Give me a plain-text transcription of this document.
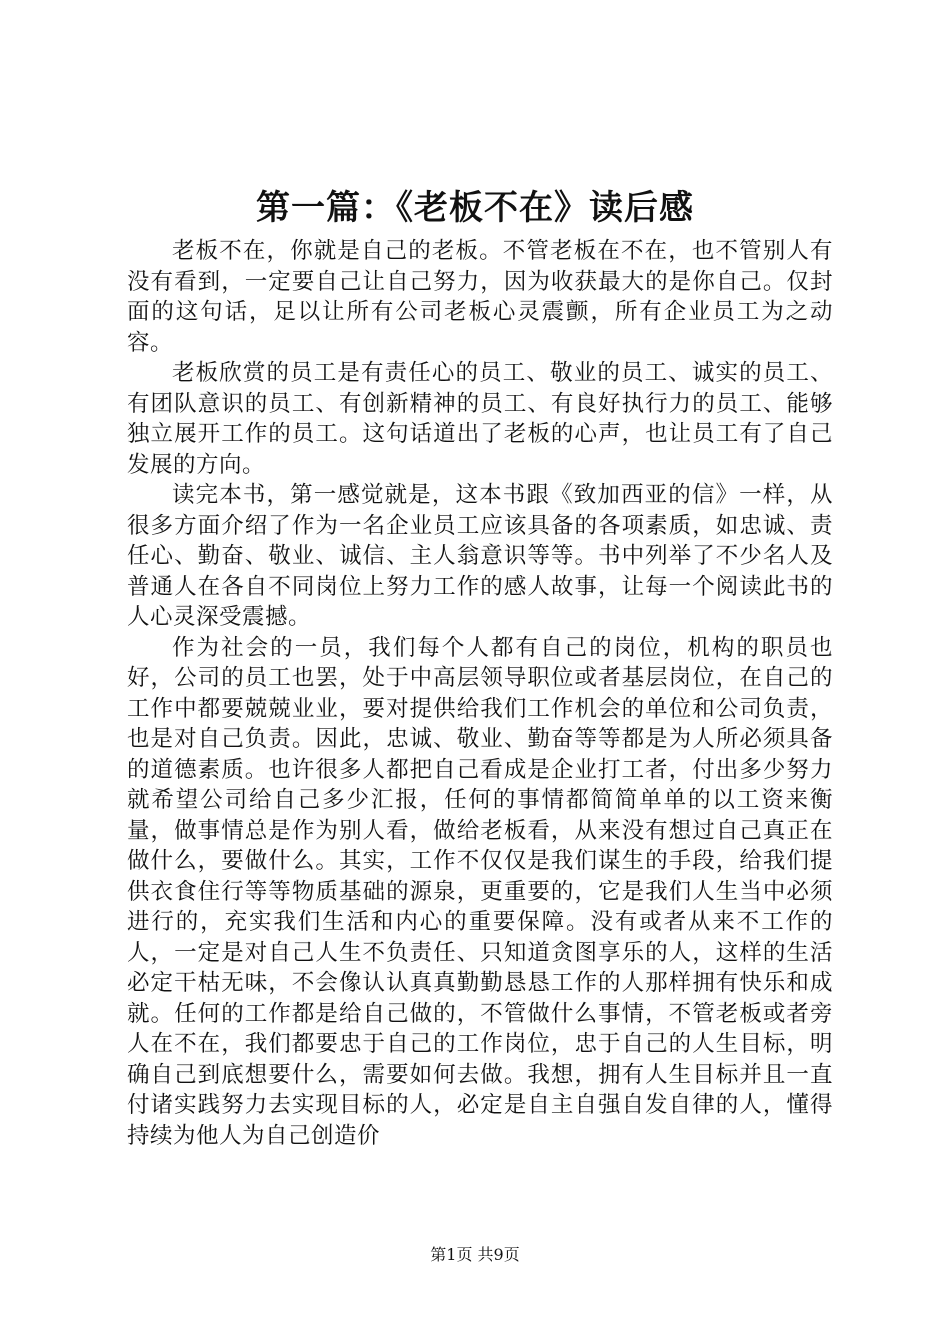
第一篇：《老板不在》读后感

老板不在，你就是自己的老板。不管老板在不在，也不管别人有没有看到，一定要自己让自己努力，因为收获最大的是你自己。仅封面的这句话，足以让所有公司老板心灵震颤，所有企业员工为之动容。

老板欣赏的员工是有责任心的员工、敬业的员工、诚实的员工、有团队意识的员工、有创新精神的员工、有良好执行力的员工、能够独立展开工作的员工。这句话道出了老板的心声，也让员工有了自己发展的方向。

读完本书，第一感觉就是，这本书跟《致加西亚的信》一样，从很多方面介绍了作为一名企业员工应该具备的各项素质，如忠诚、责任心、勤奋、敬业、诚信、主人翁意识等等。书中列举了不少名人及普通人在各自不同岗位上努力工作的感人故事，让每一个阅读此书的人心灵深受震撼。

作为社会的一员，我们每个人都有自己的岗位，机构的职员也好，公司的员工也罢，处于中高层领导职位或者基层岗位，在自己的工作中都要兢兢业业，要对提供给我们工作机会的单位和公司负责，也是对自己负责。因此，忠诚、敬业、勤奋等等都是为人所必须具备的道德素质。也许很多人都把自己看成是企业打工者，付出多少努力就希望公司给自己多少汇报，任何的事情都简简单单的以工资来衡量，做事情总是作为别人看，做给老板看，从来没有想过自己真正在做什么，要做什么。其实，工作不仅仅是我们谋生的手段，给我们提供衣食住行等等物质基础的源泉，更重要的，它是我们人生当中必须进行的，充实我们生活和内心的重要保障。没有或者从来不工作的人，一定是对自己人生不负责任、只知道贪图享乐的人，这样的生活必定干枯无味，不会像认认真真勤勤恳恳工作的人那样拥有快乐和成就。任何的工作都是给自己做的，不管做什么事情，不管老板或者旁人在不在，我们都要忠于自己的工作岗位，忠于自己的人生目标，明确自己到底想要什么，需要如何去做。我想，拥有人生目标并且一直付诸实践努力去实现目标的人，必定是自主自强自发自律的人，懂得持续为他人为自己创造价

第1页 共9页
